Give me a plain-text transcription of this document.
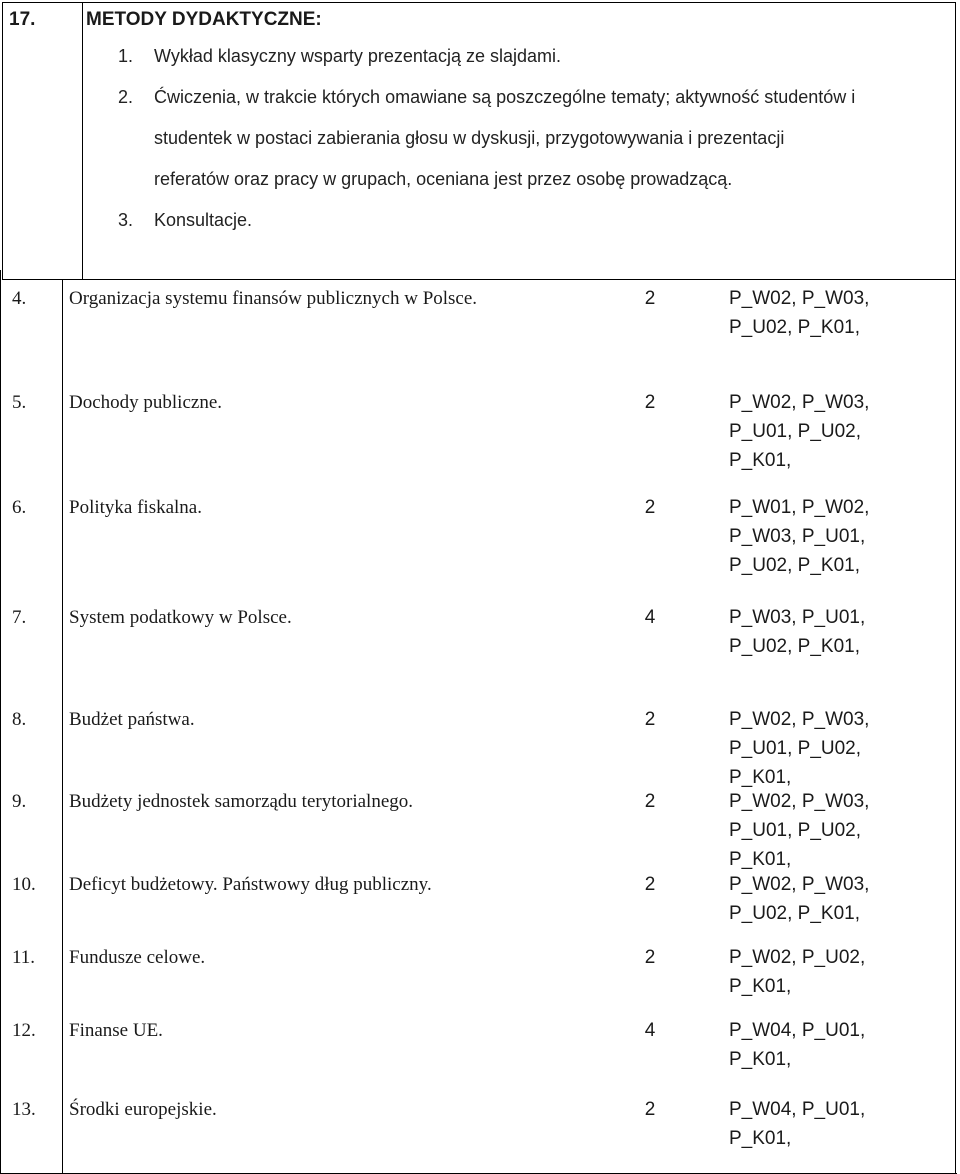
4. Organizacja systemu finansów publicznych w Polsce.	2	P_W02, P_W03,
P_U02, P_K01,
5. Dochody publiczne.	2	P_W02, P_W03,
P_U01, P_U02,
P_K01,
6. Polityka fiskalna.	2	P_W01, P_W02,
P_W03, P_U01,
P_U02, P_K01,
7. System podatkowy w Polsce.	4	P_W03, P_U01,
P_U02, P_K01,
8. Budżet państwa.	2	P_W02, P_W03,
P_U01, P_U02,
P_K01,
9. Budżety jednostek samorządu terytorialnego.	2	P_W02, P_W03,
P_U01, P_U02,
P_K01,
10. Deficyt budżetowy. Państwowy dług publiczny.	2	P_W02, P_W03,
P_U02, P_K01,
11. Fundusze celowe.	2	P_W02, P_U02,
P_K01,
12. Finanse UE.	4	P_W04, P_U01,
P_K01,
13. Środki europejskie.	2	P_W04, P_U01,
P_K01,
17.	METODY DYDAKTYCZNE:
1. Wykład klasyczny wsparty prezentacją ze slajdami.
2. Ćwiczenia, w trakcie których omawiane są poszczególne tematy; aktywność studentów i
studentek w postaci zabierania głosu w dyskusji, przygotowywania i prezentacji
referatów oraz pracy w grupach, oceniana jest przez osobę prowadzącą.
3. Konsultacje.
